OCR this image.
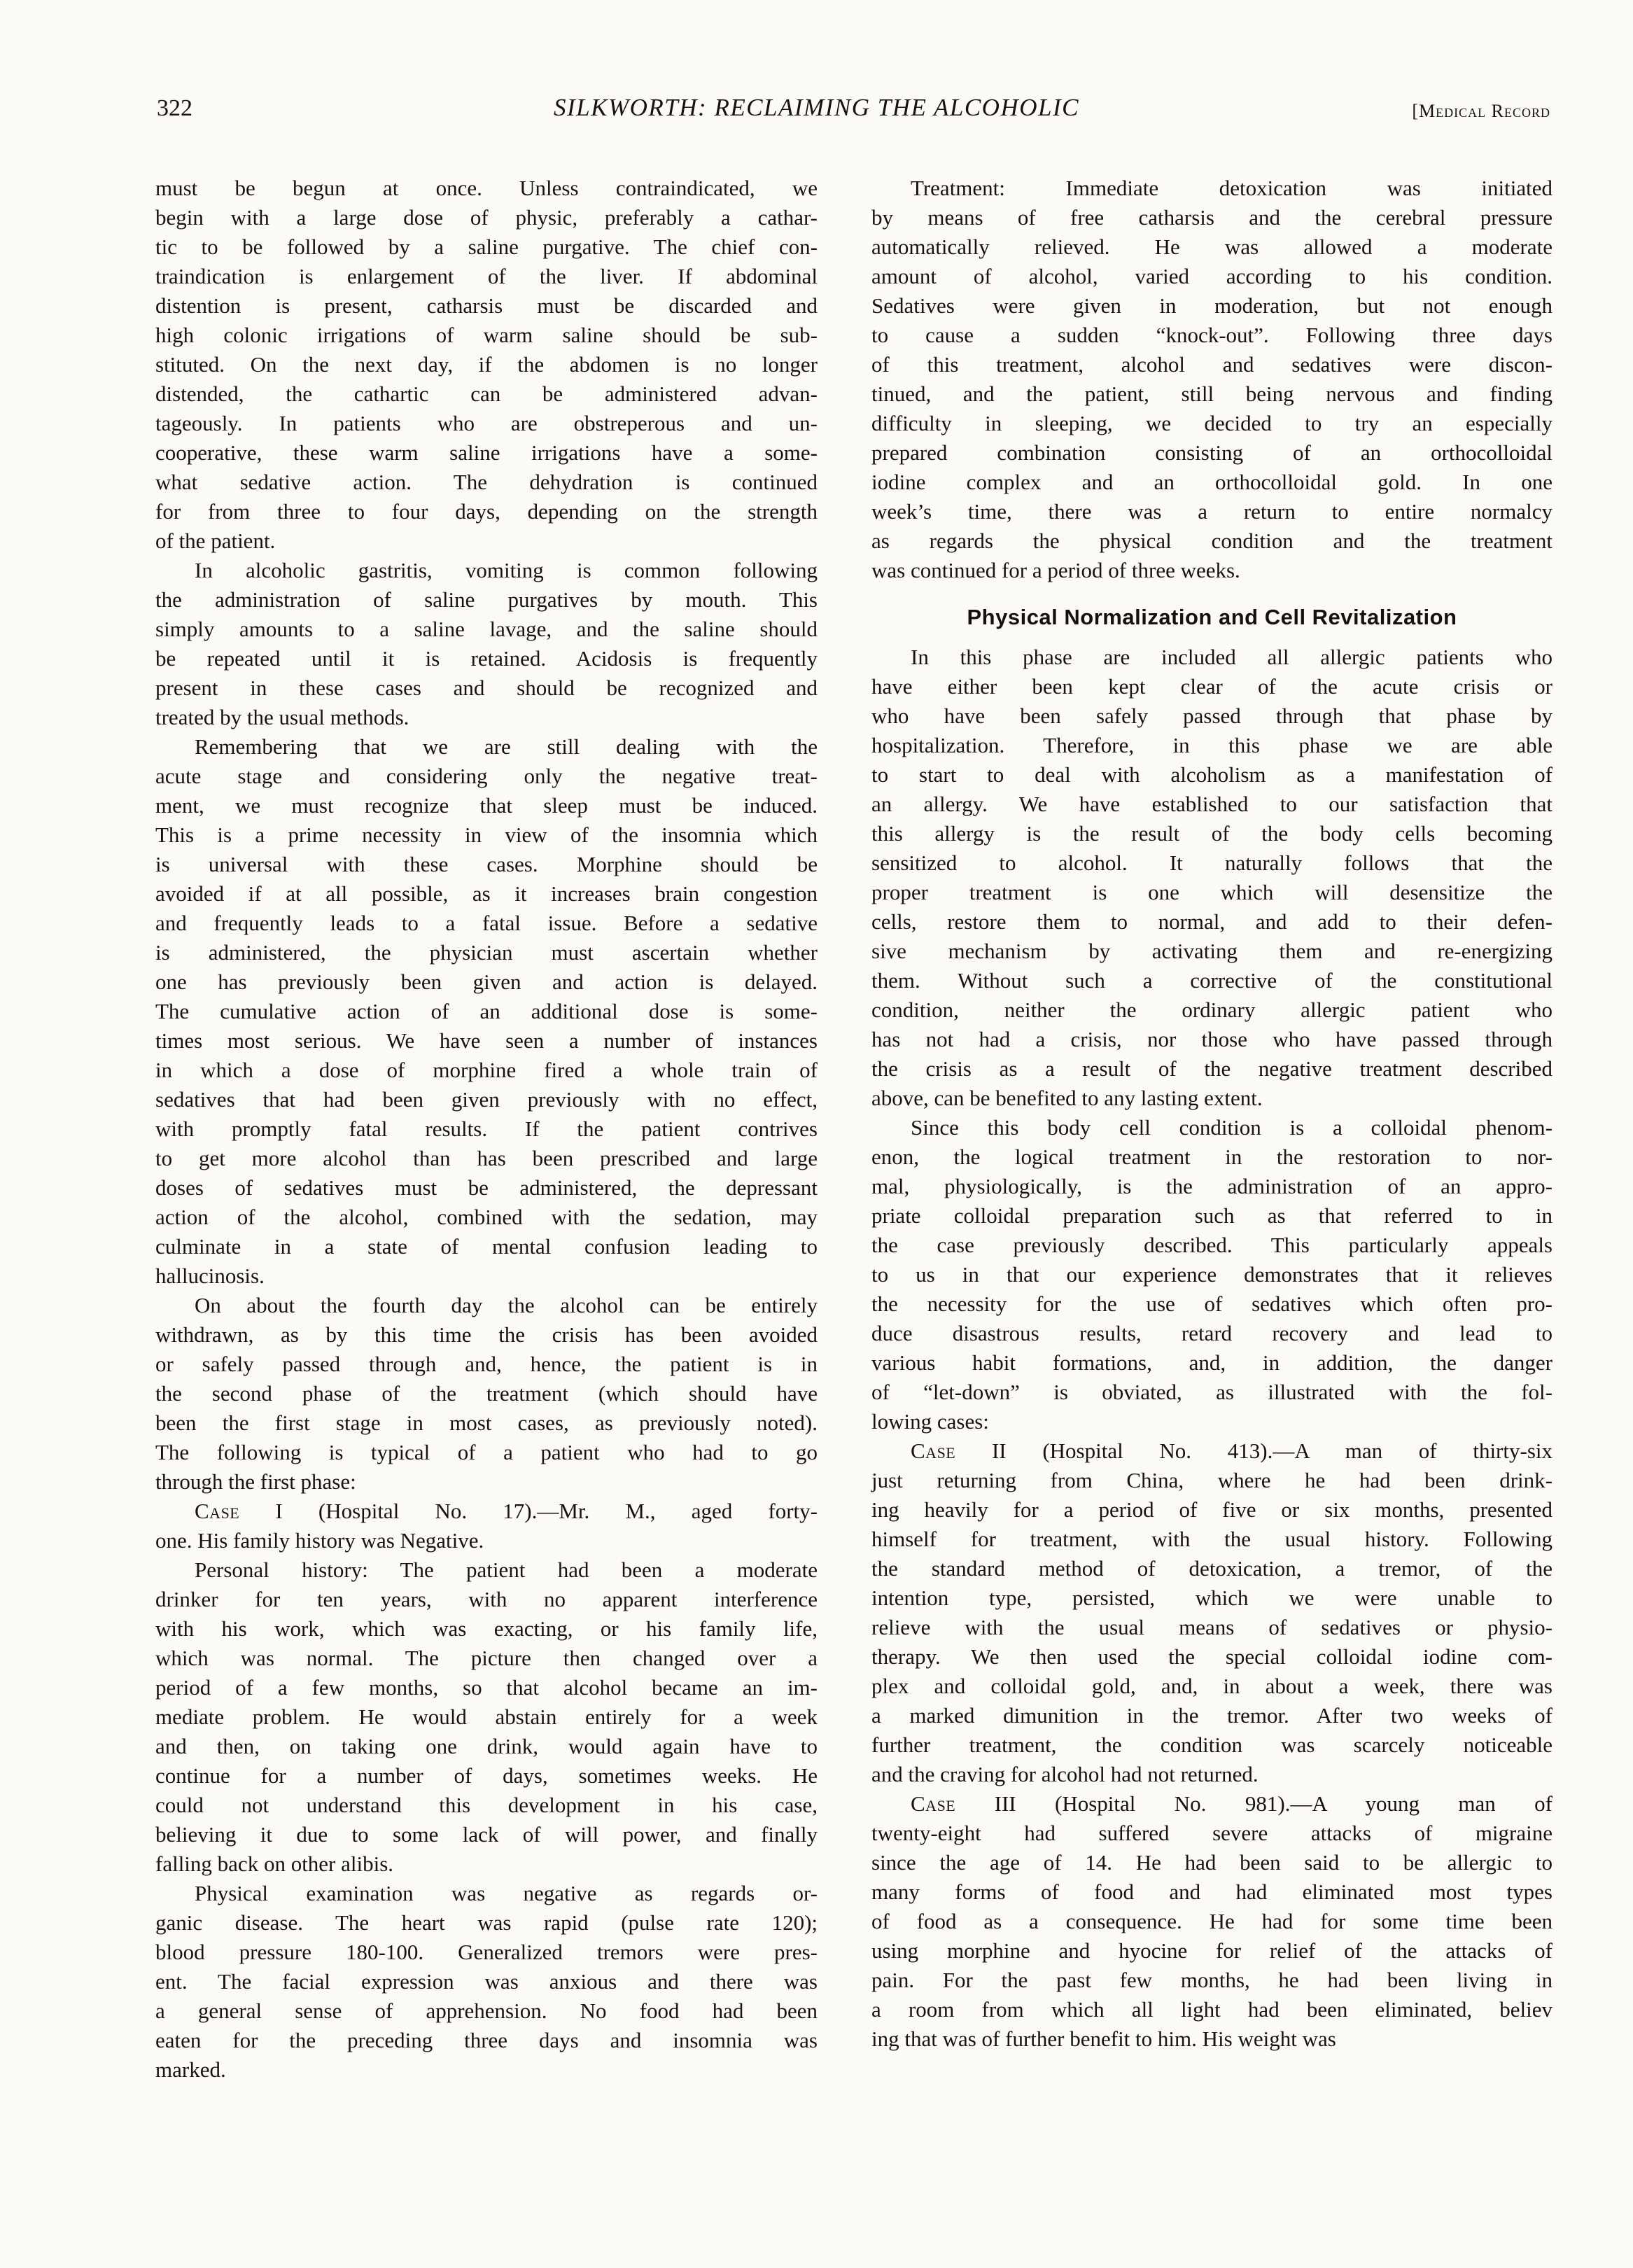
322	SILKWORTH: RECLAIMING THE ALCOHOLIC	[Medical Record
must be begun at once. Unless contraindicated, we
begin with a large dose of physic, preferably a cathar-
tic to be followed by a saline purgative. The chief con-
traindication is enlargement of the liver. If abdominal
distention is present, catharsis must be discarded and
high colonic irrigations of warm saline should be sub-
stituted. On the next day, if the abdomen is no longer
distended, the cathartic can be administered advan-
tageously. In patients who are obstreperous and un-
cooperative, these warm saline irrigations have a some-
what sedative action. The dehydration is continued
for from three to four days, depending on the strength
of the patient.
In alcoholic gastritis, vomiting is common following
the administration of saline purgatives by mouth. This
simply amounts to a saline lavage, and the saline should
be repeated until it is retained. Acidosis is frequently
present in these cases and should be recognized and
treated by the usual methods.
Remembering that we are still dealing with the
acute stage and considering only the negative treat-
ment, we must recognize that sleep must be induced.
This is a prime necessity in view of the insomnia which
is universal with these cases. Morphine should be
avoided if at all possible, as it increases brain congestion
and frequently leads to a fatal issue. Before a sedative
is administered, the physician must ascertain whether
one has previously been given and action is delayed.
The cumulative action of an additional dose is some-
times most serious. We have seen a number of instances
in which a dose of morphine fired a whole train of
sedatives that had been given previously with no effect,
with promptly fatal results. If the patient contrives
to get more alcohol than has been prescribed and large
doses of sedatives must be administered, the depressant
action of the alcohol, combined with the sedation, may
culminate in a state of mental confusion leading to
hallucinosis.
On about the fourth day the alcohol can be entirely
withdrawn, as by this time the crisis has been avoided
or safely passed through and, hence, the patient is in
the second phase of the treatment (which should have
been the first stage in most cases, as previously noted).
The following is typical of a patient who had to go
through the first phase:
Case I (Hospital No. 17).—Mr. M., aged forty-
one. His family history was Negative.
Personal history: The patient had been a moderate
drinker for ten years, with no apparent interference
with his work, which was exacting, or his family life,
which was normal. The picture then changed over a
period of a few months, so that alcohol became an im-
mediate problem. He would abstain entirely for a week
and then, on taking one drink, would again have to
continue for a number of days, sometimes weeks. He
could not understand this development in his case,
believing it due to some lack of will power, and finally
falling back on other alibis.
Physical examination was negative as regards or-
ganic disease. The heart was rapid (pulse rate 120);
blood pressure 180-100. Generalized tremors were pres-
ent. The facial expression was anxious and there was
a general sense of apprehension. No food had been
eaten for the preceding three days and insomnia was
marked.
Treatment: Immediate detoxication was initiated
by means of free catharsis and the cerebral pressure
automatically relieved. He was allowed a moderate
amount of alcohol, varied according to his condition.
Sedatives were given in moderation, but not enough
to cause a sudden “knock-out”. Following three days
of this treatment, alcohol and sedatives were discon-
tinued, and the patient, still being nervous and finding
difficulty in sleeping, we decided to try an especially
prepared combination consisting of an orthocolloidal
iodine complex and an orthocolloidal gold. In one
week’s time, there was a return to entire normalcy
as regards the physical condition and the treatment
was continued for a period of three weeks.
Physical Normalization and Cell Revitalization
In this phase are included all allergic patients who
have either been kept clear of the acute crisis or
who have been safely passed through that phase by
hospitalization. Therefore, in this phase we are able
to start to deal with alcoholism as a manifestation of
an allergy. We have established to our satisfaction that
this allergy is the result of the body cells becoming
sensitized to alcohol. It naturally follows that the
proper treatment is one which will desensitize the
cells, restore them to normal, and add to their defen-
sive mechanism by activating them and re-energizing
them. Without such a corrective of the constitutional
condition, neither the ordinary allergic patient who
has not had a crisis, nor those who have passed through
the crisis as a result of the negative treatment described
above, can be benefited to any lasting extent.
Since this body cell condition is a colloidal phenom-
enon, the logical treatment in the restoration to nor-
mal, physiologically, is the administration of an appro-
priate colloidal preparation such as that referred to in
the case previously described. This particularly appeals
to us in that our experience demonstrates that it relieves
the necessity for the use of sedatives which often pro-
duce disastrous results, retard recovery and lead to
various habit formations, and, in addition, the danger
of “let-down” is obviated, as illustrated with the fol-
lowing cases:
Case II (Hospital No. 413).—A man of thirty-six
just returning from China, where he had been drink-
ing heavily for a period of five or six months, presented
himself for treatment, with the usual history. Following
the standard method of detoxication, a tremor, of the
intention type, persisted, which we were unable to
relieve with the usual means of sedatives or physio-
therapy. We then used the special colloidal iodine com-
plex and colloidal gold, and, in about a week, there was
a marked dimunition in the tremor. After two weeks of
further treatment, the condition was scarcely noticeable
and the craving for alcohol had not returned.
Case III (Hospital No. 981).—A young man of
twenty-eight had suffered severe attacks of migraine
since the age of 14. He had been said to be allergic to
many forms of food and had eliminated most types
of food as a consequence. He had for some time been
using morphine and hyocine for relief of the attacks of
pain. For the past few months, he had been living in
a room from which all light had been eliminated, believ
ing that was of further benefit to him. His weight was
